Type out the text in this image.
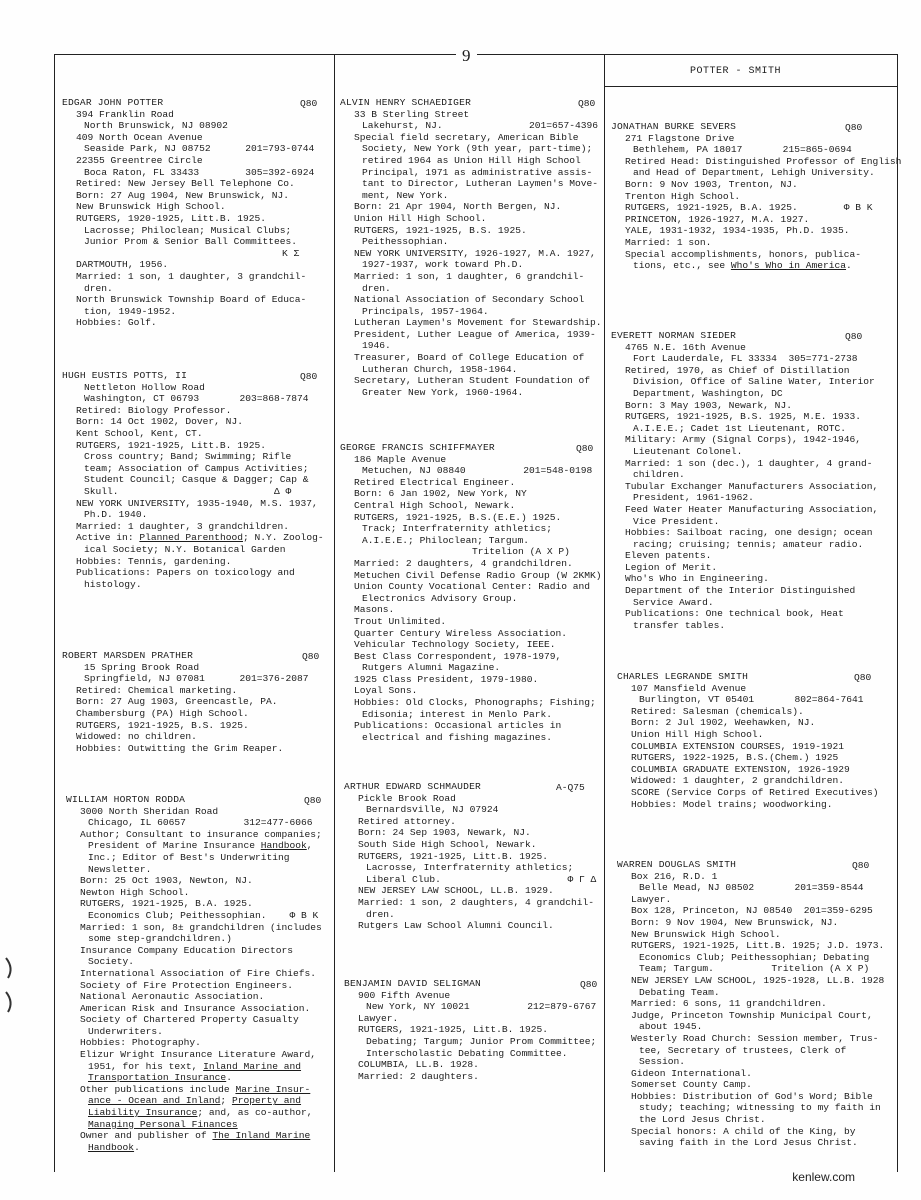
9
POTTER - SMITH
EDGAR JOHN POTTER	Q80
394 Franklin Road
North Brunswick, NJ 08902
409 North Ocean Avenue
Seaside Park, NJ 08752      201=793-0744
22355 Greentree Circle
Boca Raton, FL 33433        305=392-6924
Retired: New Jersey Bell Telephone Co.
Born: 27 Aug 1904, New Brunswick, NJ.
New Brunswick High School.
RUTGERS, 1920-1925, Litt.B. 1925.
Lacrosse; Philoclean; Musical Clubs;
Junior Prom & Senior Ball Committees.
K Σ
DARTMOUTH, 1956.
Married: 1 son, 1 daughter, 3 grandchil-
dren.
North Brunswick Township Board of Educa-
tion, 1949-1952.
Hobbies: Golf.
HUGH EUSTIS POTTS, II	Q80
Nettleton Hollow Road
Washington, CT 06793       203=868-7874
Retired: Biology Professor.
Born: 14 Oct 1902, Dover, NJ.
Kent School, Kent, CT.
RUTGERS, 1921-1925, Litt.B. 1925.
Cross country; Band; Swimming; Rifle
team; Association of Campus Activities;
Student Council; Casque & Dagger; Cap &
Skull.                           Δ Φ
NEW YORK UNIVERSITY, 1935-1940, M.S. 1937,
Ph.D. 1940.
Married: 1 daughter, 3 grandchildren.
Active in: Planned Parenthood; N.Y. Zoolog-
ical Society; N.Y. Botanical Garden
Hobbies: Tennis, gardening.
Publications: Papers on toxicology and
histology.
ROBERT MARSDEN PRATHER	Q80
15 Spring Brook Road
Springfield, NJ 07081      201=376-2087
Retired: Chemical marketing.
Born: 27 Aug 1903, Greencastle, PA.
Chambersburg (PA) High School.
RUTGERS, 1921-1925, B.S. 1925.
Widowed: no children.
Hobbies: Outwitting the Grim Reaper.
WILLIAM HORTON RODDA	Q80
3000 North Sheridan Road
Chicago, IL 60657          312=477-6066
Author; Consultant to insurance companies;
President of Marine Insurance Handbook,
Inc.; Editor of Best's Underwriting
Newsletter.
Born: 25 Oct 1903, Newton, NJ.
Newton High School.
RUTGERS, 1921-1925, B.A. 1925.
Economics Club; Peithessophian.    Φ B K
Married: 1 son, 8± grandchildren (includes
some step-grandchildren.)
Insurance Company Education Directors
Society.
International Association of Fire Chiefs.
Society of Fire Protection Engineers.
National Aeronautic Association.
American Risk and Insurance Association.
Society of Chartered Property Casualty
Underwriters.
Hobbies: Photography.
Elizur Wright Insurance Literature Award,
1951, for his text, Inland Marine and
Transportation Insurance.
Other publications include Marine Insur-
ance - Ocean and Inland; Property and
Liability Insurance; and, as co-author,
Managing Personal Finances
Owner and publisher of The Inland Marine
Handbook.
ALVIN HENRY SCHAEDIGER	Q80
33 B Sterling Street
Lakehurst, NJ.               201=657-4396
Special field secretary, American Bible
Society, New York (9th year, part-time);
retired 1964 as Union Hill High School
Principal, 1971 as administrative assis-
tant to Director, Lutheran Laymen's Move-
ment, New York.
Born: 21 Apr 1904, North Bergen, NJ.
Union Hill High School.
RUTGERS, 1921-1925, B.S. 1925.
Peithessophian.
NEW YORK UNIVERSITY, 1926-1927, M.A. 1927,
1927-1937, work toward Ph.D.
Married: 1 son, 1 daughter, 6 grandchil-
dren.
National Association of Secondary School
Principals, 1957-1964.
Lutheran Laymen's Movement for Stewardship.
President, Luther League of America, 1939-
1946.
Treasurer, Board of College Education of
Lutheran Church, 1958-1964.
Secretary, Lutheran Student Foundation of
Greater New York, 1960-1964.
GEORGE FRANCIS SCHIFFMAYER	Q80
186 Maple Avenue
Metuchen, NJ 08840          201=548-0198
Retired Electrical Engineer.
Born: 6 Jan 1902, New York, NY
Central High School, Newark.
RUTGERS, 1921-1925, B.S.(E.E.) 1925.
Track; Interfraternity athletics;
A.I.E.E.; Philoclean; Targum.
Tritelion (A X P)
Married: 2 daughters, 4 grandchildren.
Metuchen Civil Defense Radio Group (W 2KMK)
Union County Vocational Center: Radio and
Electronics Advisory Group.
Masons.
Trout Unlimited.
Quarter Century Wireless Association.
Vehicular Technology Society, IEEE.
Best Class Correspondent, 1978-1979,
Rutgers Alumni Magazine.
1925 Class President, 1979-1980.
Loyal Sons.
Hobbies: Old Clocks, Phonographs; Fishing;
Edisonia; interest in Menlo Park.
Publications: Occasional articles in
electrical and fishing magazines.
ARTHUR EDWARD SCHMAUDER	A-Q75
Pickle Brook Road
Bernardsville, NJ 07924
Retired attorney.
Born: 24 Sep 1903, Newark, NJ.
South Side High School, Newark.
RUTGERS, 1921-1925, Litt.B. 1925.
Lacrosse, Interfraternity athletics;
Liberal Club.                      Φ Γ Δ
NEW JERSEY LAW SCHOOL, LL.B. 1929.
Married: 1 son, 2 daughters, 4 grandchil-
dren.
Rutgers Law School Alumni Council.
BENJAMIN DAVID SELIGMAN	Q80
900 Fifth Avenue
New York, NY 10021          212=879-6767
Lawyer.
RUTGERS, 1921-1925, Litt.B. 1925.
Debating; Targum; Junior Prom Committee;
Interscholastic Debating Committee.
COLUMBIA, LL.B. 1928.
Married: 2 daughters.
JONATHAN BURKE SEVERS	Q80
271 Flagstone Drive
Bethlehem, PA 18017       215=865-0694
Retired Head: Distinguished Professor of English
and Head of Department, Lehigh University.
Born: 9 Nov 1903, Trenton, NJ.
Trenton High School.
RUTGERS, 1921-1925, B.A. 1925.        Φ B K
PRINCETON, 1926-1927, M.A. 1927.
YALE, 1931-1932, 1934-1935, Ph.D. 1935.
Married: 1 son.
Special accomplishments, honors, publica-
tions, etc., see Who's Who in America.
EVERETT NORMAN SIEDER	Q80
4765 N.E. 16th Avenue
Fort Lauderdale, FL 33334  305=771-2738
Retired, 1970, as Chief of Distillation
Division, Office of Saline Water, Interior
Department, Washington, DC
Born: 3 May 1903, Newark, NJ.
RUTGERS, 1921-1925, B.S. 1925, M.E. 1933.
A.I.E.E.; Cadet 1st Lieutenant, ROTC.
Military: Army (Signal Corps), 1942-1946,
Lieutenant Colonel.
Married: 1 son (dec.), 1 daughter, 4 grand-
children.
Tubular Exchanger Manufacturers Association,
President, 1961-1962.
Feed Water Heater Manufacturing Association,
Vice President.
Hobbies: Sailboat racing, one design; ocean
racing; cruising; tennis; amateur radio.
Eleven patents.
Legion of Merit.
Who's Who in Engineering.
Department of the Interior Distinguished
Service Award.
Publications: One technical book, Heat
transfer tables.
CHARLES LEGRANDE SMITH	Q80
107 Mansfield Avenue
Burlington, VT 05401       802=864-7641
Retired: Salesman (chemicals).
Born: 2 Jul 1902, Weehawken, NJ.
Union Hill High School.
COLUMBIA EXTENSION COURSES, 1919-1921
RUTGERS, 1922-1925, B.S.(Chem.) 1925
COLUMBIA GRADUATE EXTENSION, 1926-1929
Widowed: 1 daughter, 2 grandchildren.
SCORE (Service Corps of Retired Executives)
Hobbies: Model trains; woodworking.
WARREN DOUGLAS SMITH	Q80
Box 216, R.D. 1
Belle Mead, NJ 08502       201=359-8544
Lawyer.
Box 128, Princeton, NJ 08540  201=359-6295
Born: 9 Nov 1904, New Brunswick, NJ.
New Brunswick High School.
RUTGERS, 1921-1925, Litt.B. 1925; J.D. 1973.
Economics Club; Peithessophian; Debating
Team; Targum.          Tritelion (A X P)
NEW JERSEY LAW SCHOOL, 1925-1928, LL.B. 1928
Debating Team.
Married: 6 sons, 11 grandchildren.
Judge, Princeton Township Municipal Court,
about 1945.
Westerly Road Church: Session member, Trus-
tee, Secretary of trustees, Clerk of
Session.
Gideon International.
Somerset County Camp.
Hobbies: Distribution of God's Word; Bible
study; teaching; witnessing to my faith in
the Lord Jesus Christ.
Special honors: A child of the King, by
saving faith in the Lord Jesus Christ.
kenlew.com
